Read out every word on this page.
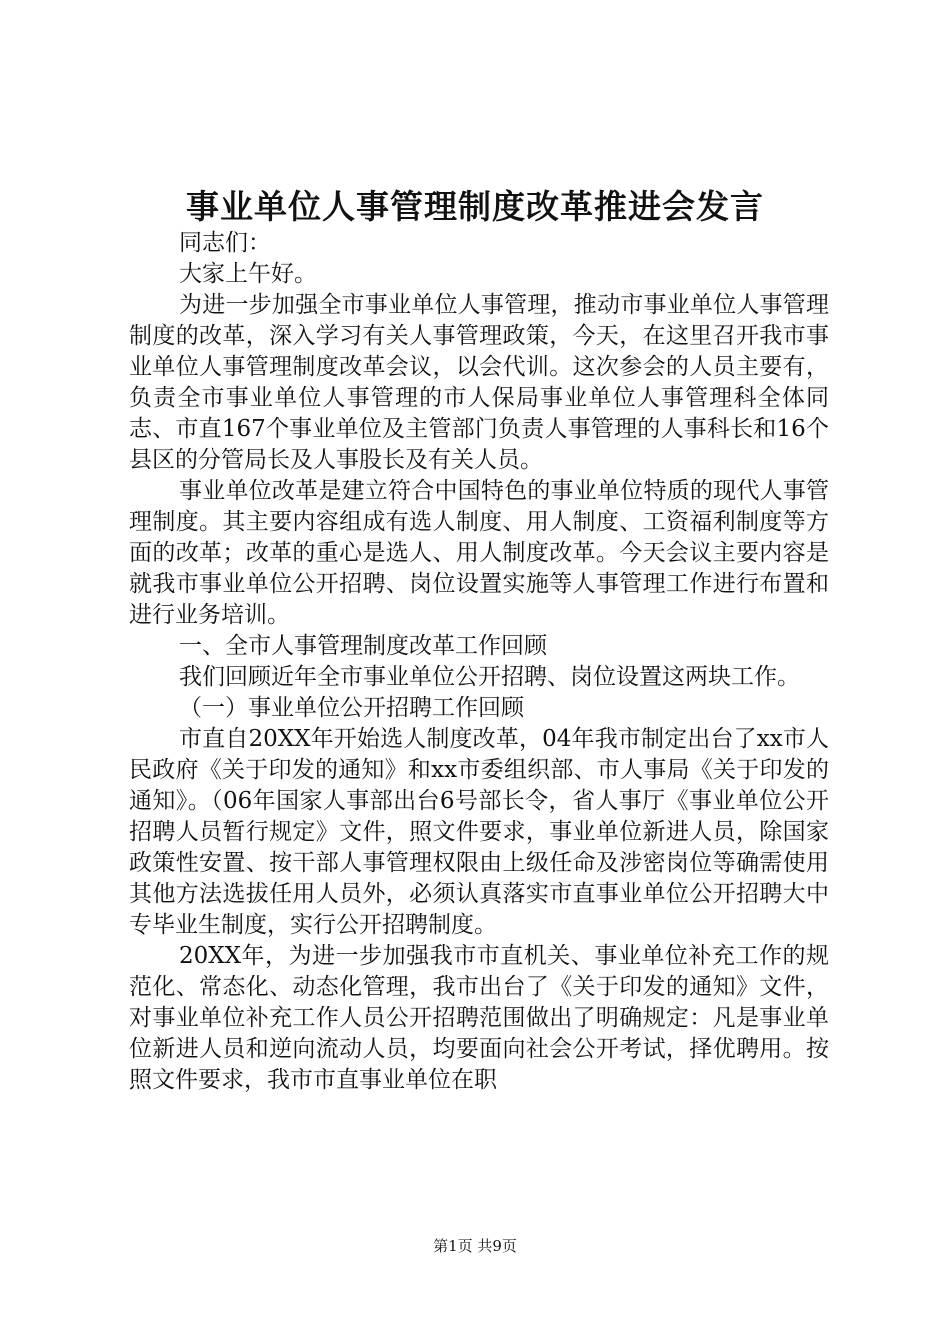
事业单位人事管理制度改革推进会发言

同志们：

大家上午好。

为进一步加强全市事业单位人事管理，推动市事业单位人事管理制度的改革，深入学习有关人事管理政策，今天，在这里召开我市事业单位人事管理制度改革会议，以会代训。这次参会的人员主要有，负责全市事业单位人事管理的市人保局事业单位人事管理科全体同志、市直167个事业单位及主管部门负责人事管理的人事科长和16个县区的分管局长及人事股长及有关人员。

事业单位改革是建立符合中国特色的事业单位特质的现代人事管理制度。其主要内容组成有选人制度、用人制度、工资福利制度等方面的改革；改革的重心是选人、用人制度改革。今天会议主要内容是就我市事业单位公开招聘、岗位设置实施等人事管理工作进行布置和进行业务培训。

一、全市人事管理制度改革工作回顾

我们回顾近年全市事业单位公开招聘、岗位设置这两块工作。

（一）事业单位公开招聘工作回顾

市直自20XX年开始选人制度改革，04年我市制定出台了xx市人民政府《关于印发的通知》和xx市委组织部、市人事局《关于印发的通知》。（06年国家人事部出台6号部长令，省人事厅《事业单位公开招聘人员暂行规定》文件，照文件要求，事业单位新进人员，除国家政策性安置、按干部人事管理权限由上级任命及涉密岗位等确需使用其他方法选拔任用人员外，必须认真落实市直事业单位公开招聘大中专毕业生制度，实行公开招聘制度。

20XX年，为进一步加强我市市直机关、事业单位补充工作的规范化、常态化、动态化管理，我市出台了《关于印发的通知》文件，对事业单位补充工作人员公开招聘范围做出了明确规定：凡是事业单位新进人员和逆向流动人员，均要面向社会公开考试，择优聘用。按照文件要求，我市市直事业单位在职

第1页 共9页
